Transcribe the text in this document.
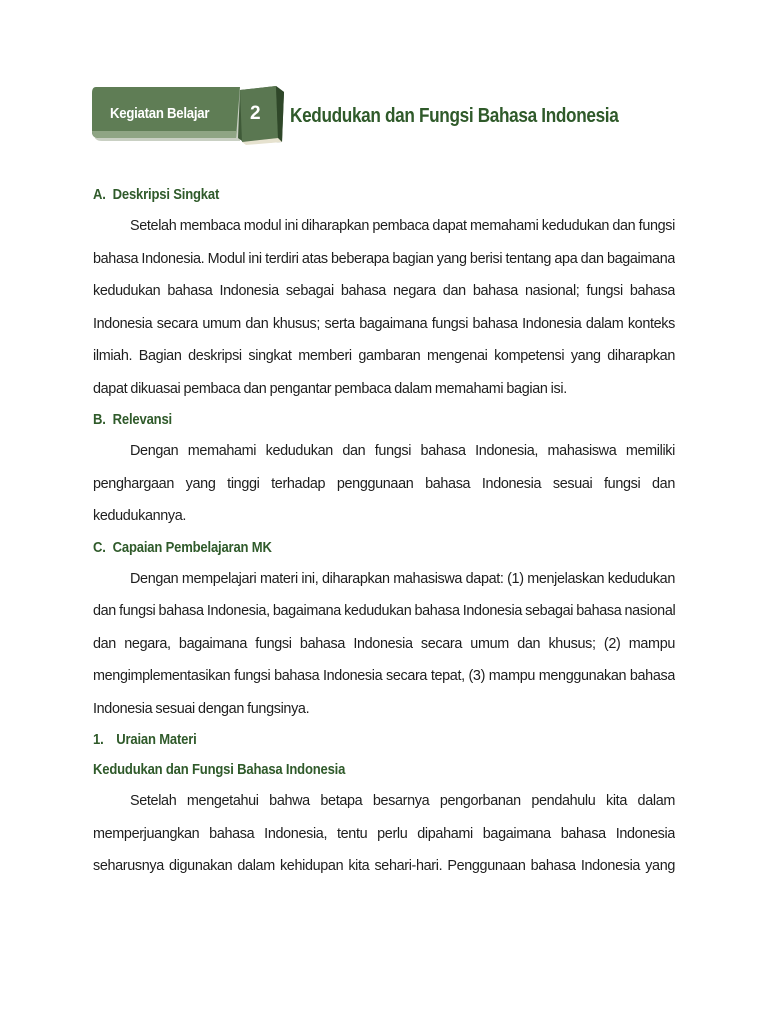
Kegiatan Belajar 2 Kedudukan dan Fungsi Bahasa Indonesia
A. Deskripsi Singkat
Setelah membaca modul ini diharapkan pembaca dapat memahami kedudukan dan fungsi
bahasa Indonesia. Modul ini terdiri atas beberapa bagian yang berisi tentang apa dan bagaimana
kedudukan bahasa Indonesia sebagai bahasa negara dan bahasa nasional; fungsi bahasa
Indonesia secara umum dan khusus; serta bagaimana fungsi bahasa Indonesia dalam konteks
ilmiah. Bagian deskripsi singkat memberi gambaran mengenai kompetensi yang diharapkan
dapat dikuasai pembaca dan pengantar pembaca dalam memahami bagian isi.
B. Relevansi
Dengan memahami kedudukan dan fungsi bahasa Indonesia, mahasiswa memiliki
penghargaan yang tinggi terhadap penggunaan bahasa Indonesia sesuai fungsi dan
kedudukannya.
C. Capaian Pembelajaran MK
Dengan mempelajari materi ini, diharapkan mahasiswa dapat: (1) menjelaskan kedudukan
dan fungsi bahasa Indonesia, bagaimana kedudukan bahasa Indonesia sebagai bahasa nasional
dan negara, bagaimana fungsi bahasa Indonesia secara umum dan khusus; (2) mampu
mengimplementasikan fungsi bahasa Indonesia secara tepat, (3) mampu menggunakan bahasa
Indonesia sesuai dengan fungsinya.
1. Uraian Materi
Kedudukan dan Fungsi Bahasa Indonesia
Setelah mengetahui bahwa betapa besarnya pengorbanan pendahulu kita dalam
memperjuangkan bahasa Indonesia, tentu perlu dipahami bagaimana bahasa Indonesia
seharusnya digunakan dalam kehidupan kita sehari-hari. Penggunaan bahasa Indonesia yang
